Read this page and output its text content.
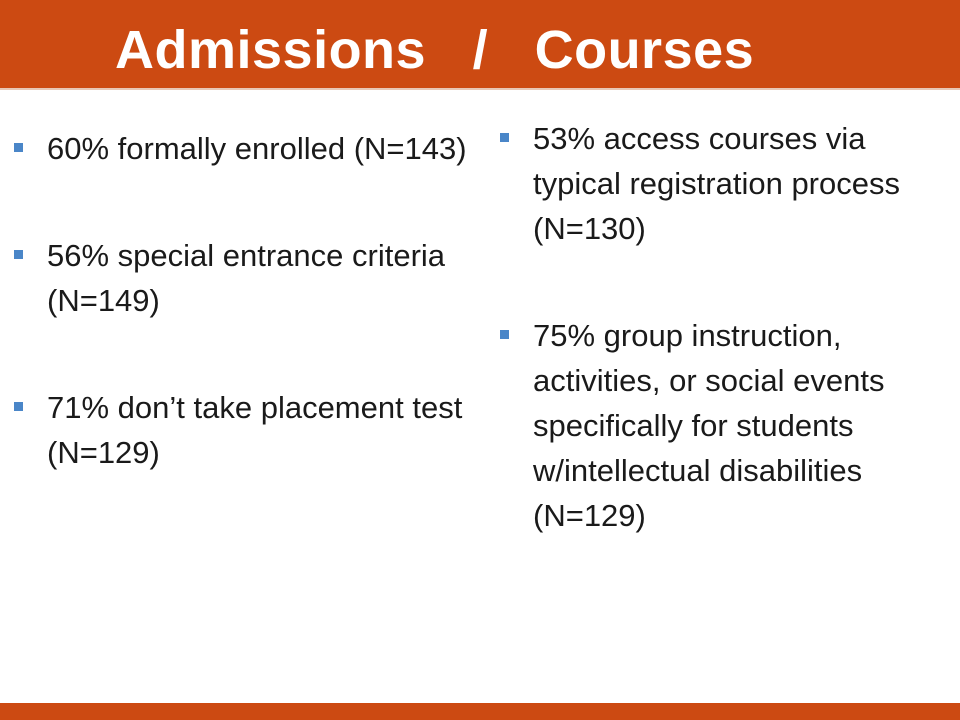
Admissions   /   Courses
60% formally enrolled (N=143)
56% special entrance criteria (N=149)
71% don’t take placement test (N=129)
53% access courses via typical registration process (N=130)
75% group instruction, activities, or social events specifically for students w/intellectual disabilities (N=129)
